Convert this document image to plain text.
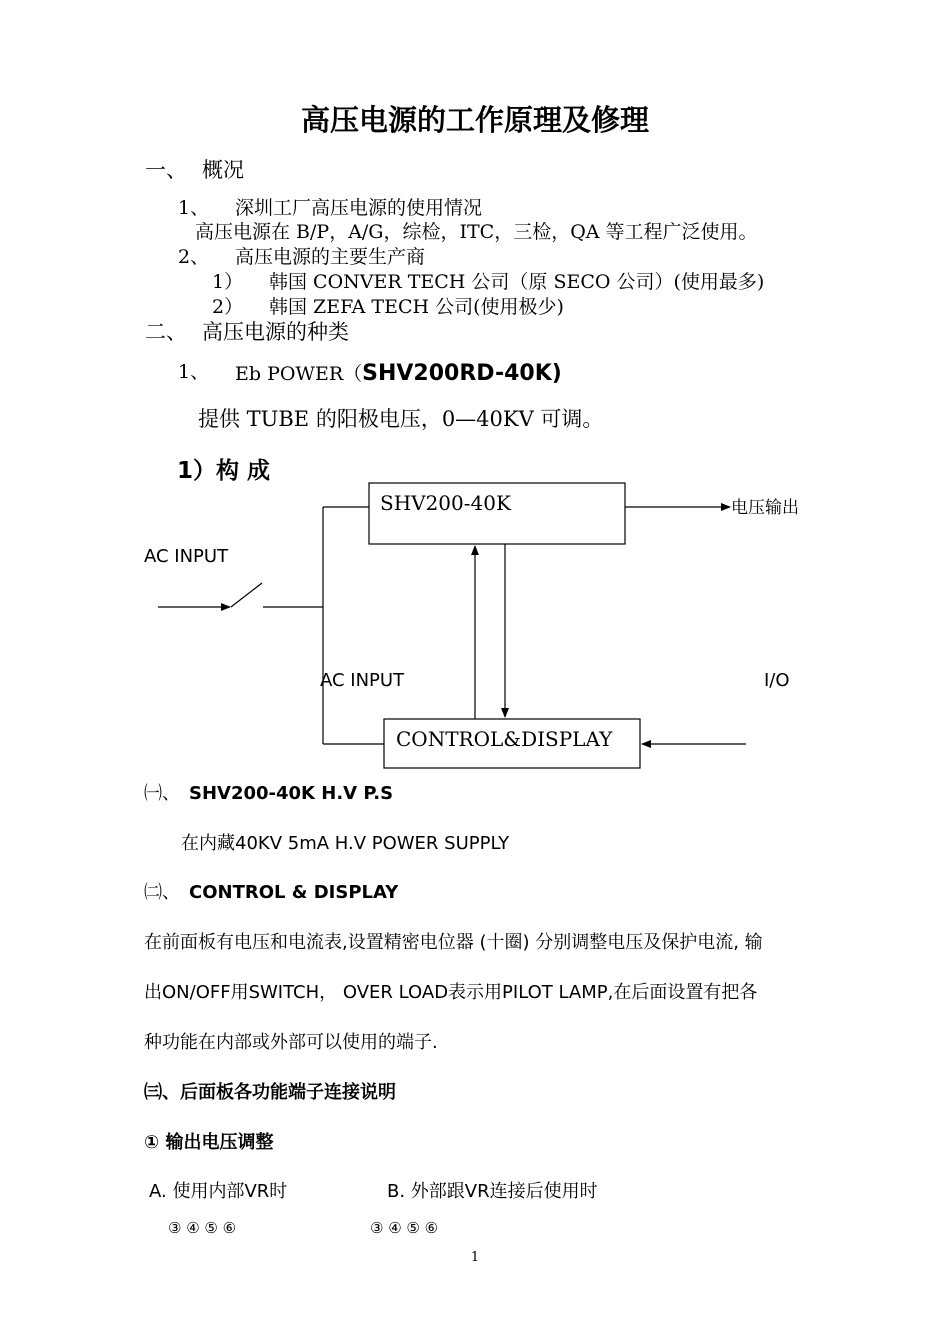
高压电源的工作原理及修理
一、 概况
1、 深圳工厂高压电源的使用情况
高压电源在 B/P，A/G，综检，ITC，三检，QA 等工程广泛使用。
2、 高压电源的主要生产商
1） 韩国 CONVER TECH 公司（原 SECO 公司）(使用最多)
2） 韩国 ZEFA TECH 公司(使用极少)
二、 高压电源的种类
1、 Eb POWER（SHV200RD-40K)
提供 TUBE 的阳极电压，0—40KV 可调。
1）构 成
AC INPUT
SHV200-40K	电压输出
AC INPUT	I/O
CONTROL&DISPLAY
㈠、 SHV200-40K H.V P.S
在内藏40KV 5mA H.V POWER SUPPLY
㈡、 CONTROL & DISPLAY
在前面板有电压和电流表,设置精密电位器 (十圈) 分别调整电压及保护电流, 输
出ON/OFF用SWITCH， OVER LOAD表示用PILOT LAMP,在后面设置有把各
种功能在内部或外部可以使用的端子.
㈢、后面板各功能端子连接说明
① 输出电压调整
A. 使用内部VR时	B. 外部跟VR连接后使用时
③ ④ ⑤ ⑥	③ ④ ⑤ ⑥
1
